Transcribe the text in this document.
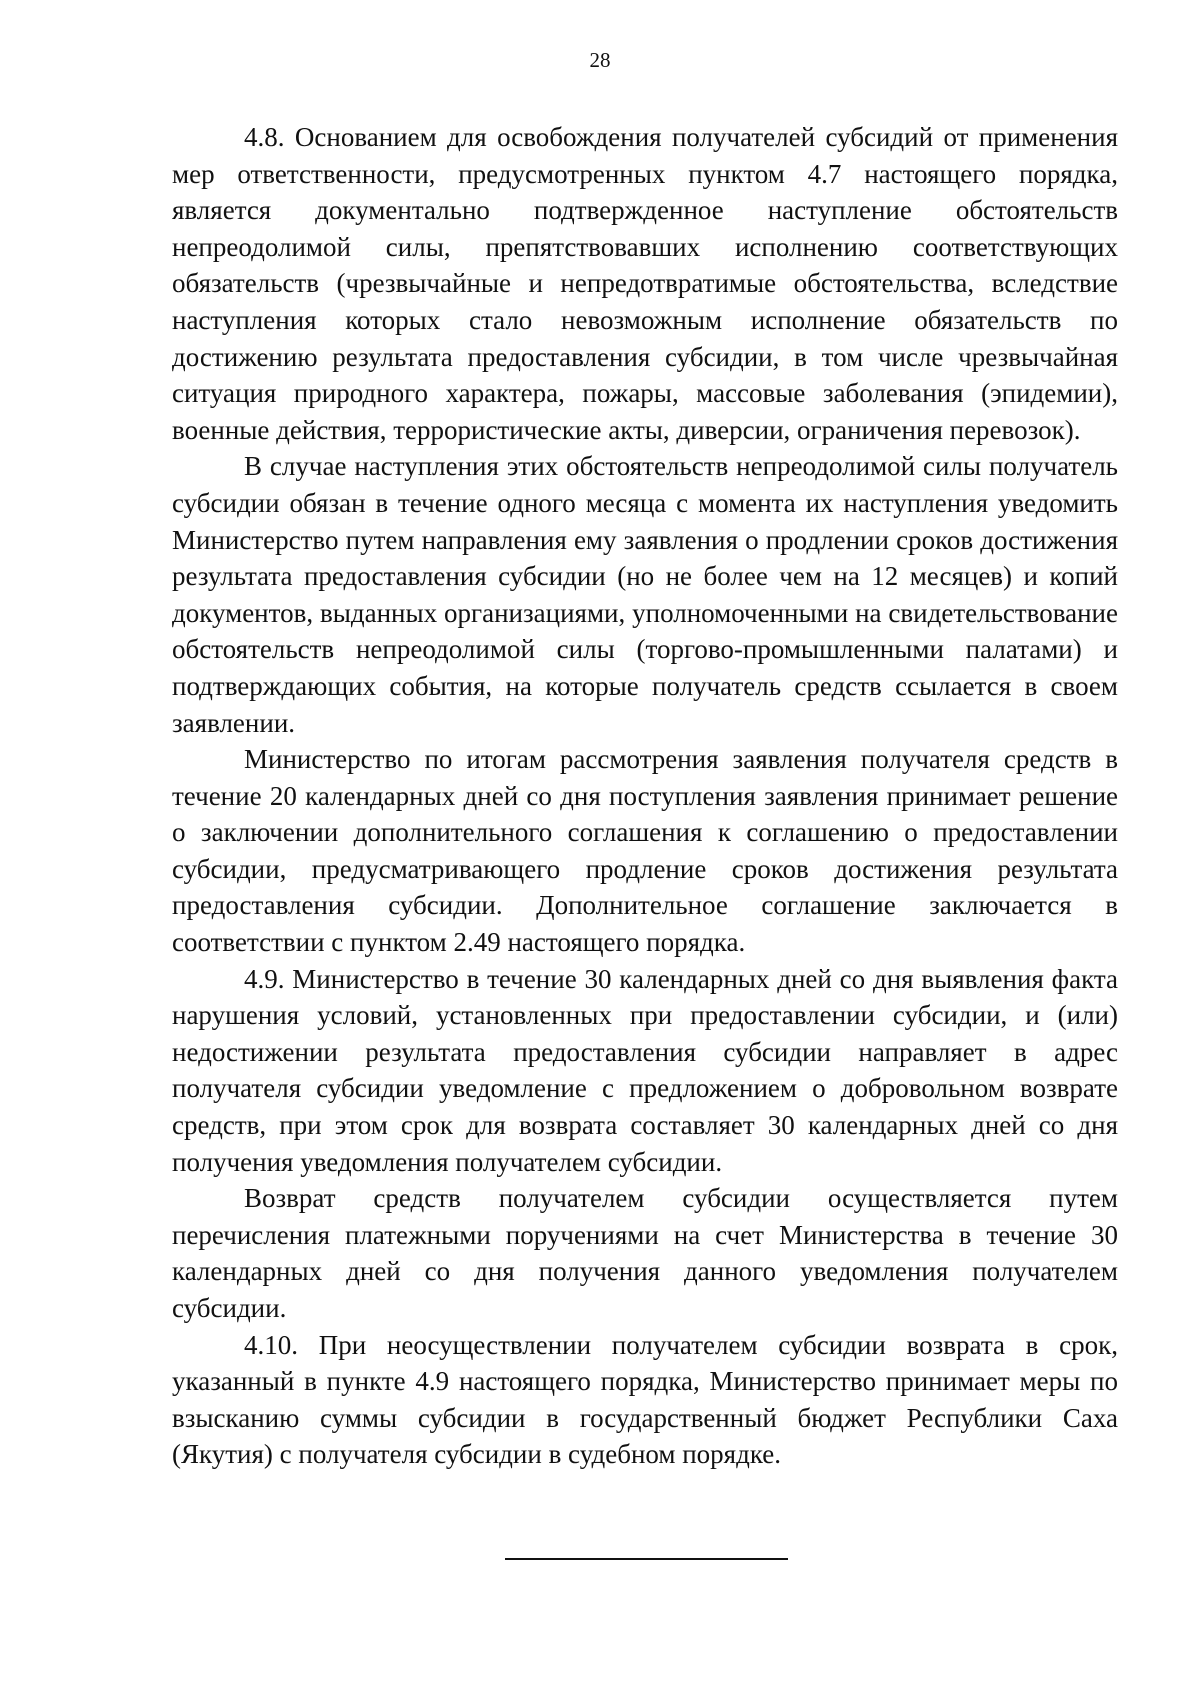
28

4.8. Основанием для освобождения получателей субсидий от применения мер ответственности, предусмотренных пунктом 4.7 настоящего порядка, является документально подтвержденное наступление обстоятельств непреодолимой силы, препятствовавших исполнению соответствующих обязательств (чрезвычайные и непредотвратимые обстоятельства, вследствие наступления которых стало невозможным исполнение обязательств по достижению результата предоставления субсидии, в том числе чрезвычайная ситуация природного характера, пожары, массовые заболевания (эпидемии), военные действия, террористические акты, диверсии, ограничения перевозок).

В случае наступления этих обстоятельств непреодолимой силы получатель субсидии обязан в течение одного месяца с момента их наступления уведомить Министерство путем направления ему заявления о продлении сроков достижения результата предоставления субсидии (но не более чем на 12 месяцев) и копий документов, выданных организациями, уполномоченными на свидетельствование обстоятельств непреодолимой силы (торгово-промышленными палатами) и подтверждающих события, на которые получатель средств ссылается в своем заявлении.

Министерство по итогам рассмотрения заявления получателя средств в течение 20 календарных дней со дня поступления заявления принимает решение о заключении дополнительного соглашения к соглашению о предоставлении субсидии, предусматривающего продление сроков достижения результата предоставления субсидии. Дополнительное соглашение заключается в соответствии с пунктом 2.49 настоящего порядка.

4.9. Министерство в течение 30 календарных дней со дня выявления факта нарушения условий, установленных при предоставлении субсидии, и (или) недостижении результата предоставления субсидии направляет в адрес получателя субсидии уведомление с предложением о добровольном возврате средств, при этом срок для возврата составляет 30 календарных дней со дня получения уведомления получателем субсидии.

Возврат средств получателем субсидии осуществляется путем перечисления платежными поручениями на счет Министерства в течение 30 календарных дней со дня получения данного уведомления получателем субсидии.

4.10. При неосуществлении получателем субсидии возврата в срок, указанный в пункте 4.9 настоящего порядка, Министерство принимает меры по взысканию суммы субсидии в государственный бюджет Республики Саха (Якутия) с получателя субсидии в судебном порядке.
